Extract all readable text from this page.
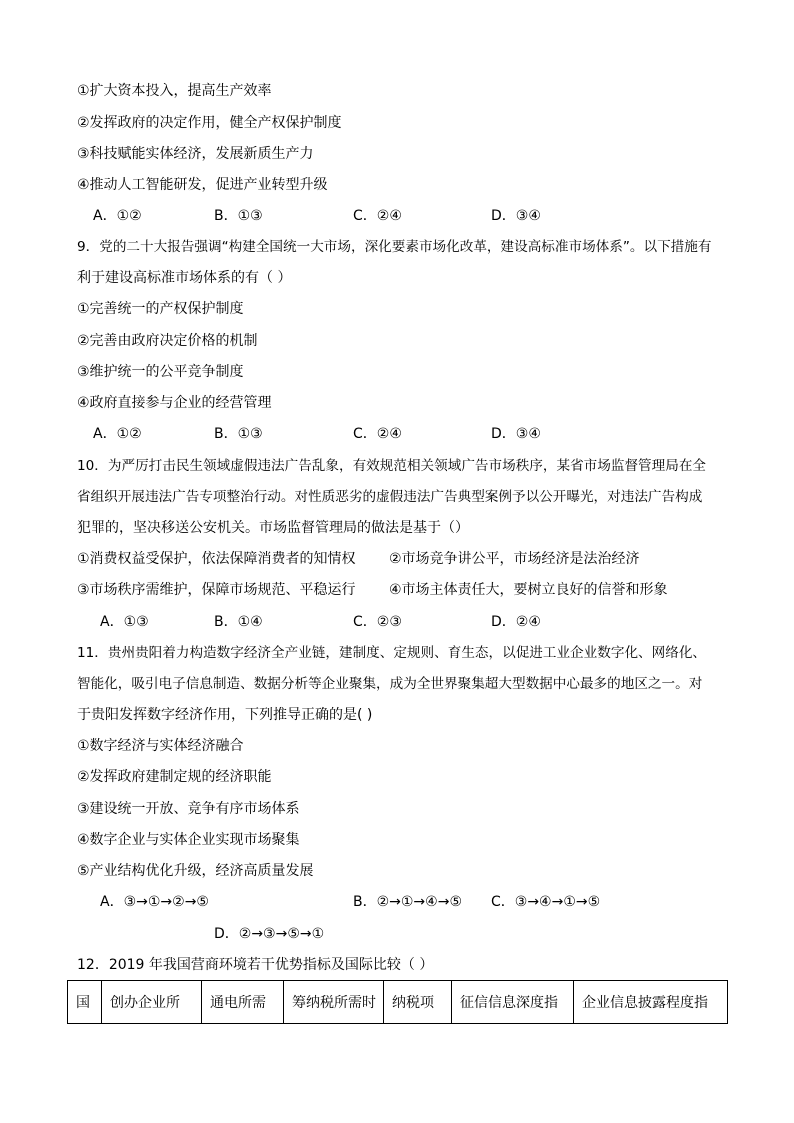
①扩大资本投入，提高生产效率
②发挥政府的决定作用，健全产权保护制度
③科技赋能实体经济，发展新质生产力
④推动人工智能研发，促进产业转型升级
A．①②	B．①③	C．②④	D．③④
9．党的二十大报告强调“构建全国统一大市场，深化要素市场化改革，建设高标准市场体系”。以下措施有
利于建设高标准市场体系的有（ ）
①完善统一的产权保护制度
②完善由政府决定价格的机制
③维护统一的公平竞争制度
④政府直接参与企业的经营管理
A．①②	B．①③	C．②④	D．③④
10．为严厉打击民生领域虚假违法广告乱象，有效规范相关领域广告市场秩序，某省市场监督管理局在全
省组织开展违法广告专项整治行动。对性质恶劣的虚假违法广告典型案例予以公开曝光，对违法广告构成
犯罪的，坚决移送公安机关。市场监督管理局的做法是基于（）
①消费权益受保护，依法保障消费者的知情权 ②市场竞争讲公平，市场经济是法治经济
③市场秩序需维护，保障市场规范、平稳运行 ④市场主体责任大，要树立良好的信誉和形象
A．①③	B．①④	C．②③	D．②④
11．贵州贵阳着力构造数字经济全产业链，建制度、定规则、育生态，以促进工业企业数字化、网络化、
智能化，吸引电子信息制造、数据分析等企业聚集，成为全世界聚集超大型数据中心最多的地区之一。对
于贵阳发挥数字经济作用，下列推导正确的是( )
①数字经济与实体经济融合
②发挥政府建制定规的经济职能
③建设统一开放、竞争有序市场体系
④数字企业与实体企业实现市场聚集
⑤产业结构优化升级，经济高质量发展
A．③→①→②→⑤	B．②→①→④→⑤ C．③→④→①→⑤
D．②→③→⑤→①
12．2019 年我国营商环境若干优势指标及国际比较（ ）
国	创办企业所	通电所需	筹纳税所需时	纳税项	征信信息深度指	企业信息披露程度指
